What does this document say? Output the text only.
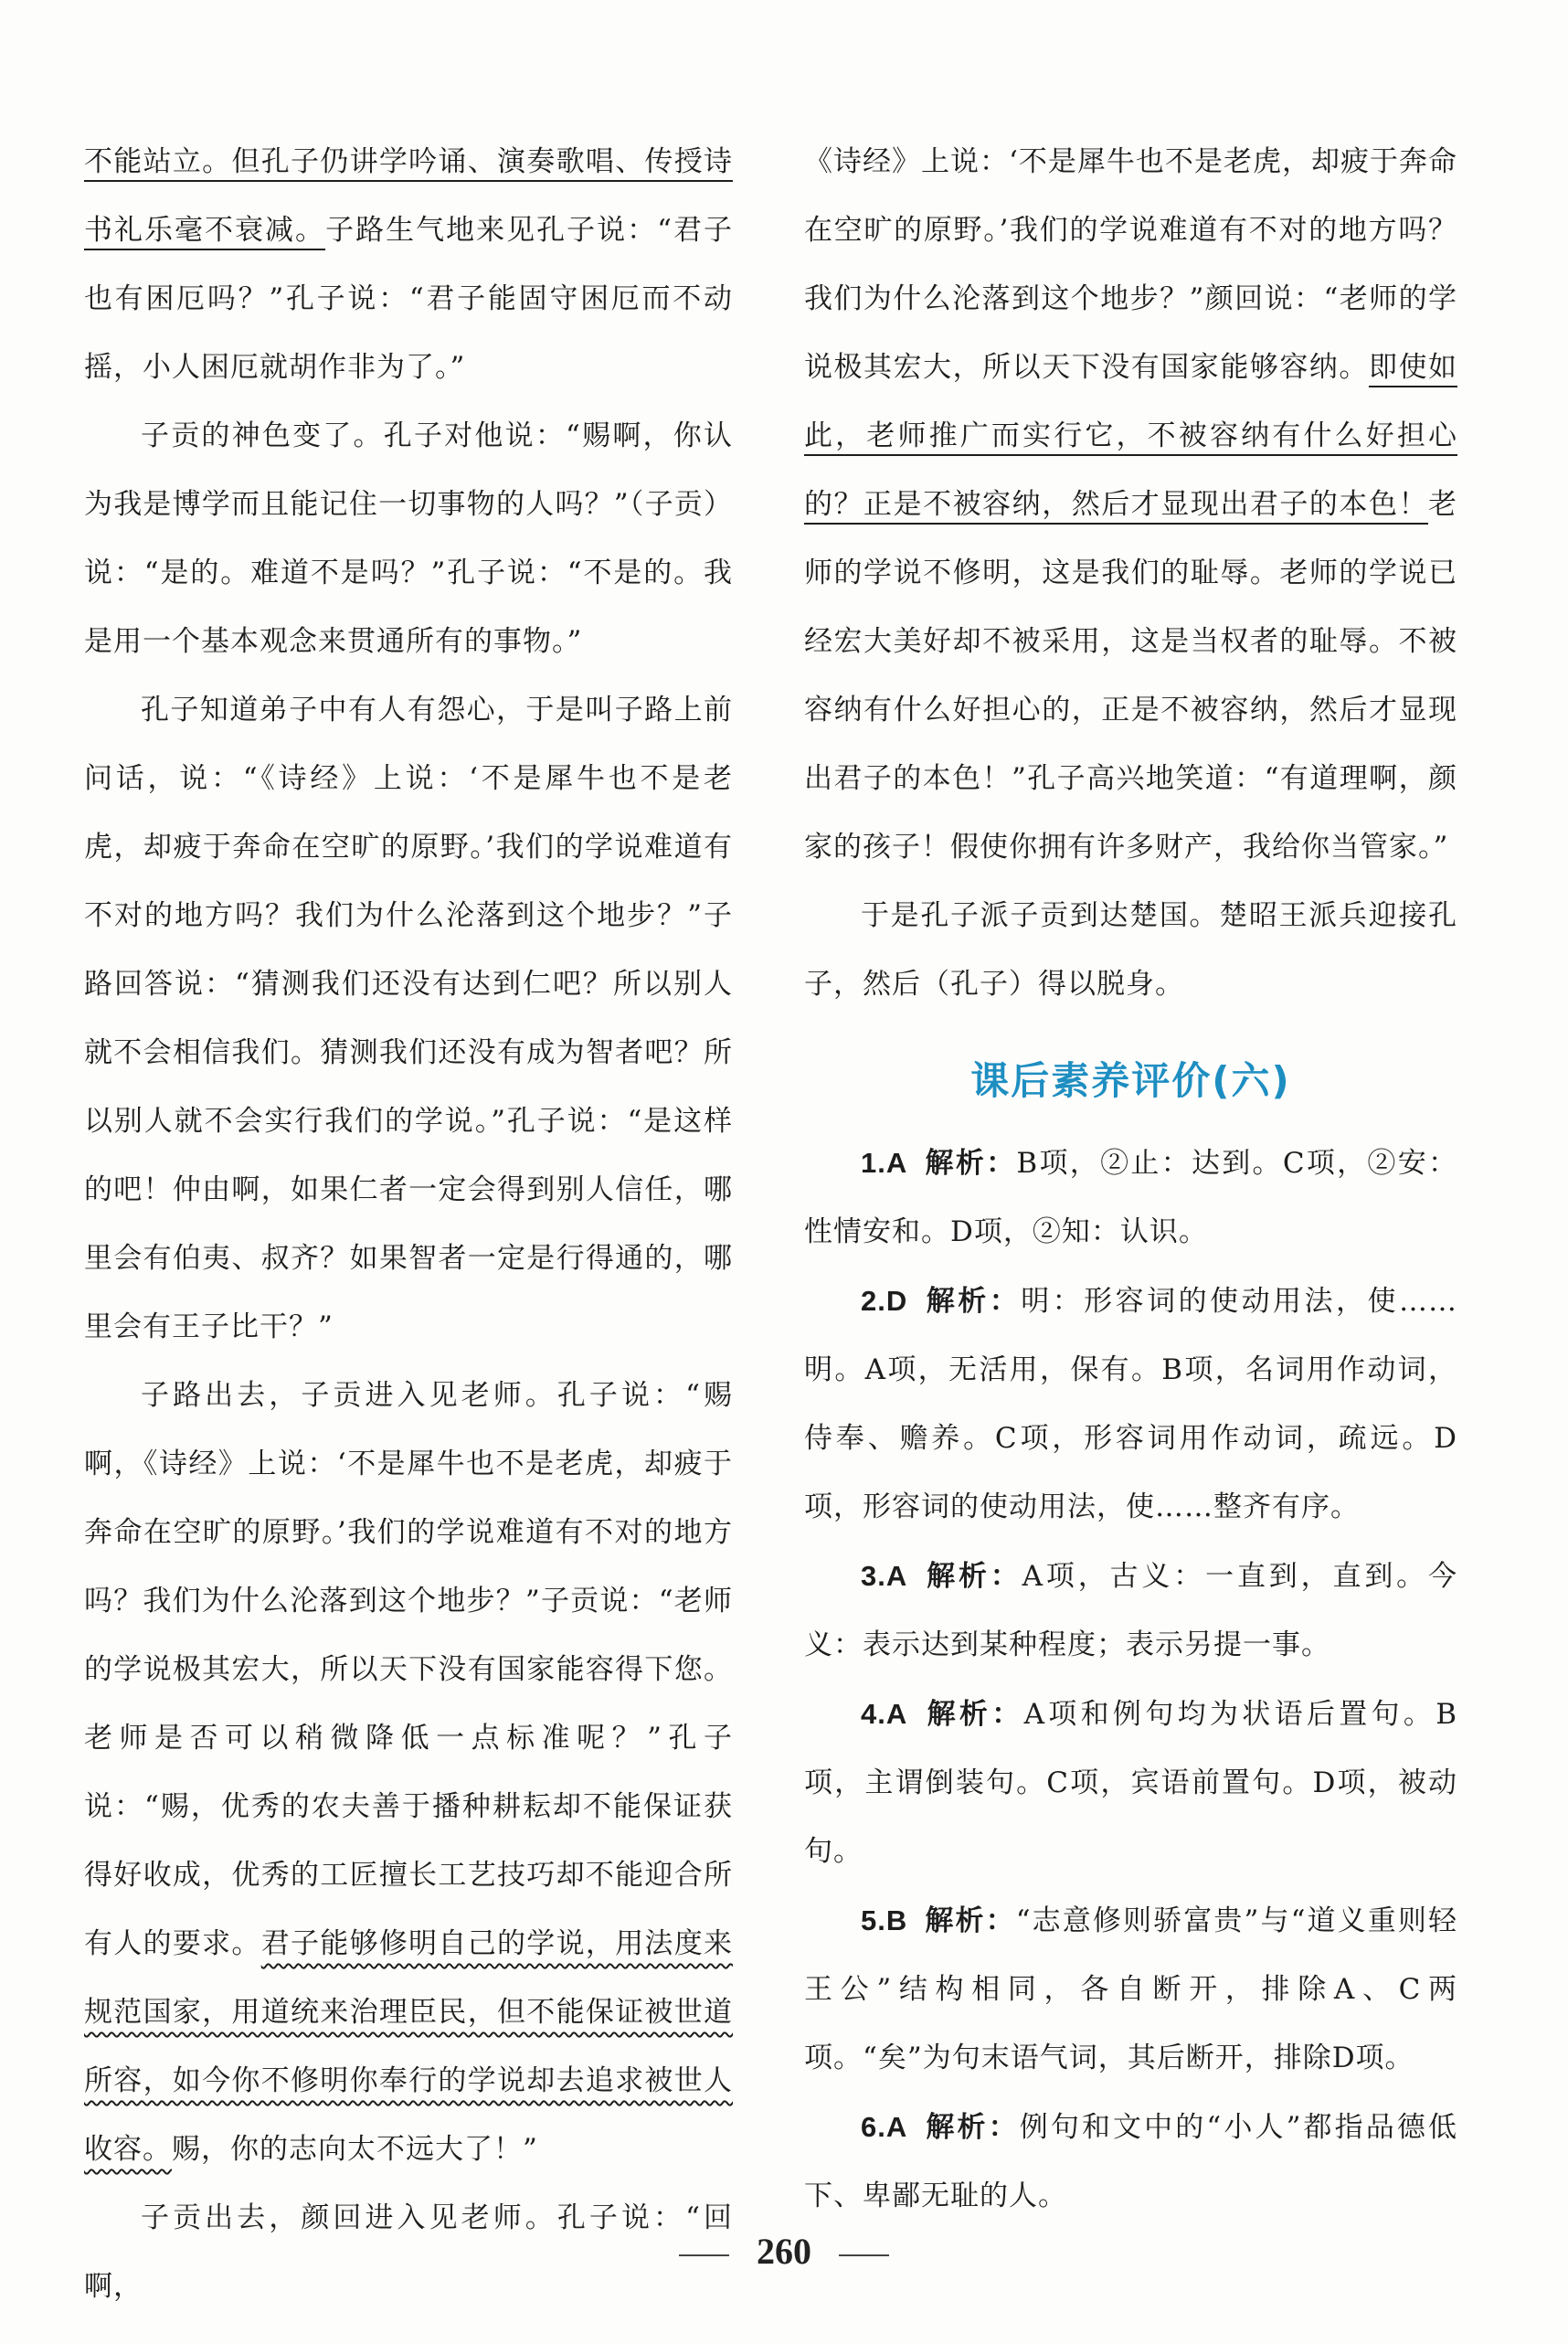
不能站立。但孔子仍讲学吟诵、演奏歌唱、传授诗书礼乐毫不衰减。子路生气地来见孔子说：“君子也有困厄吗？”孔子说：“君子能固守困厄而不动摇，小人困厄就胡作非为了。”

子贡的神色变了。孔子对他说：“赐啊，你认为我是博学而且能记住一切事物的人吗？”（子贡）说：“是的。难道不是吗？”孔子说：“不是的。我是用一个基本观念来贯通所有的事物。”

孔子知道弟子中有人有怨心，于是叫子路上前问话，说：“《诗经》上说：‘不是犀牛也不是老虎，却疲于奔命在空旷的原野。’我们的学说难道有不对的地方吗？我们为什么沦落到这个地步？”子路回答说：“猜测我们还没有达到仁吧？所以别人就不会相信我们。猜测我们还没有成为智者吧？所以别人就不会实行我们的学说。”孔子说：“是这样的吧！仲由啊，如果仁者一定会得到别人信任，哪里会有伯夷、叔齐？如果智者一定是行得通的，哪里会有王子比干？”

子路出去，子贡进入见老师。孔子说：“赐啊，《诗经》上说：‘不是犀牛也不是老虎，却疲于奔命在空旷的原野。’我们的学说难道有不对的地方吗？我们为什么沦落到这个地步？”子贡说：“老师的学说极其宏大，所以天下没有国家能容得下您。老师是否可以稍微降低一点标准呢？”孔子说：“赐，优秀的农夫善于播种耕耘却不能保证获得好收成，优秀的工匠擅长工艺技巧却不能迎合所有人的要求。君子能够修明自己的学说，用法度来规范国家，用道统来治理臣民，但不能保证被世道所容，如今你不修明你奉行的学说却去追求被世人收容。赐，你的志向太不远大了！”

子贡出去，颜回进入见老师。孔子说：“回啊，

《诗经》上说：‘不是犀牛也不是老虎，却疲于奔命在空旷的原野。’我们的学说难道有不对的地方吗？我们为什么沦落到这个地步？”颜回说：“老师的学说极其宏大，所以天下没有国家能够容纳。即使如此，老师推广而实行它，不被容纳有什么好担心的？正是不被容纳，然后才显现出君子的本色！老师的学说不修明，这是我们的耻辱。老师的学说已经宏大美好却不被采用，这是当权者的耻辱。不被容纳有什么好担心的，正是不被容纳，然后才显现出君子的本色！”孔子高兴地笑道：“有道理啊，颜家的孩子！假使你拥有许多财产，我给你当管家。”

于是孔子派子贡到达楚国。楚昭王派兵迎接孔子，然后（孔子）得以脱身。

课后素养评价(六)

1.A 解析：B项，②止：达到。C项，②安：性情安和。D项，②知：认识。

2.D 解析：明：形容词的使动用法，使……明。A项，无活用，保有。B项，名词用作动词，侍奉、赡养。C项，形容词用作动词，疏远。D项，形容词的使动用法，使……整齐有序。

3.A 解析：A项，古义：一直到，直到。今义：表示达到某种程度；表示另提一事。

4.A 解析：A项和例句均为状语后置句。B项，主谓倒装句。C项，宾语前置句。D项，被动句。

5.B 解析：“志意修则骄富贵”与“道义重则轻王公”结构相同，各自断开，排除A、C两项。“矣”为句末语气词，其后断开，排除D项。

6.A 解析：例句和文中的“小人”都指品德低下、卑鄙无耻的人。

260
